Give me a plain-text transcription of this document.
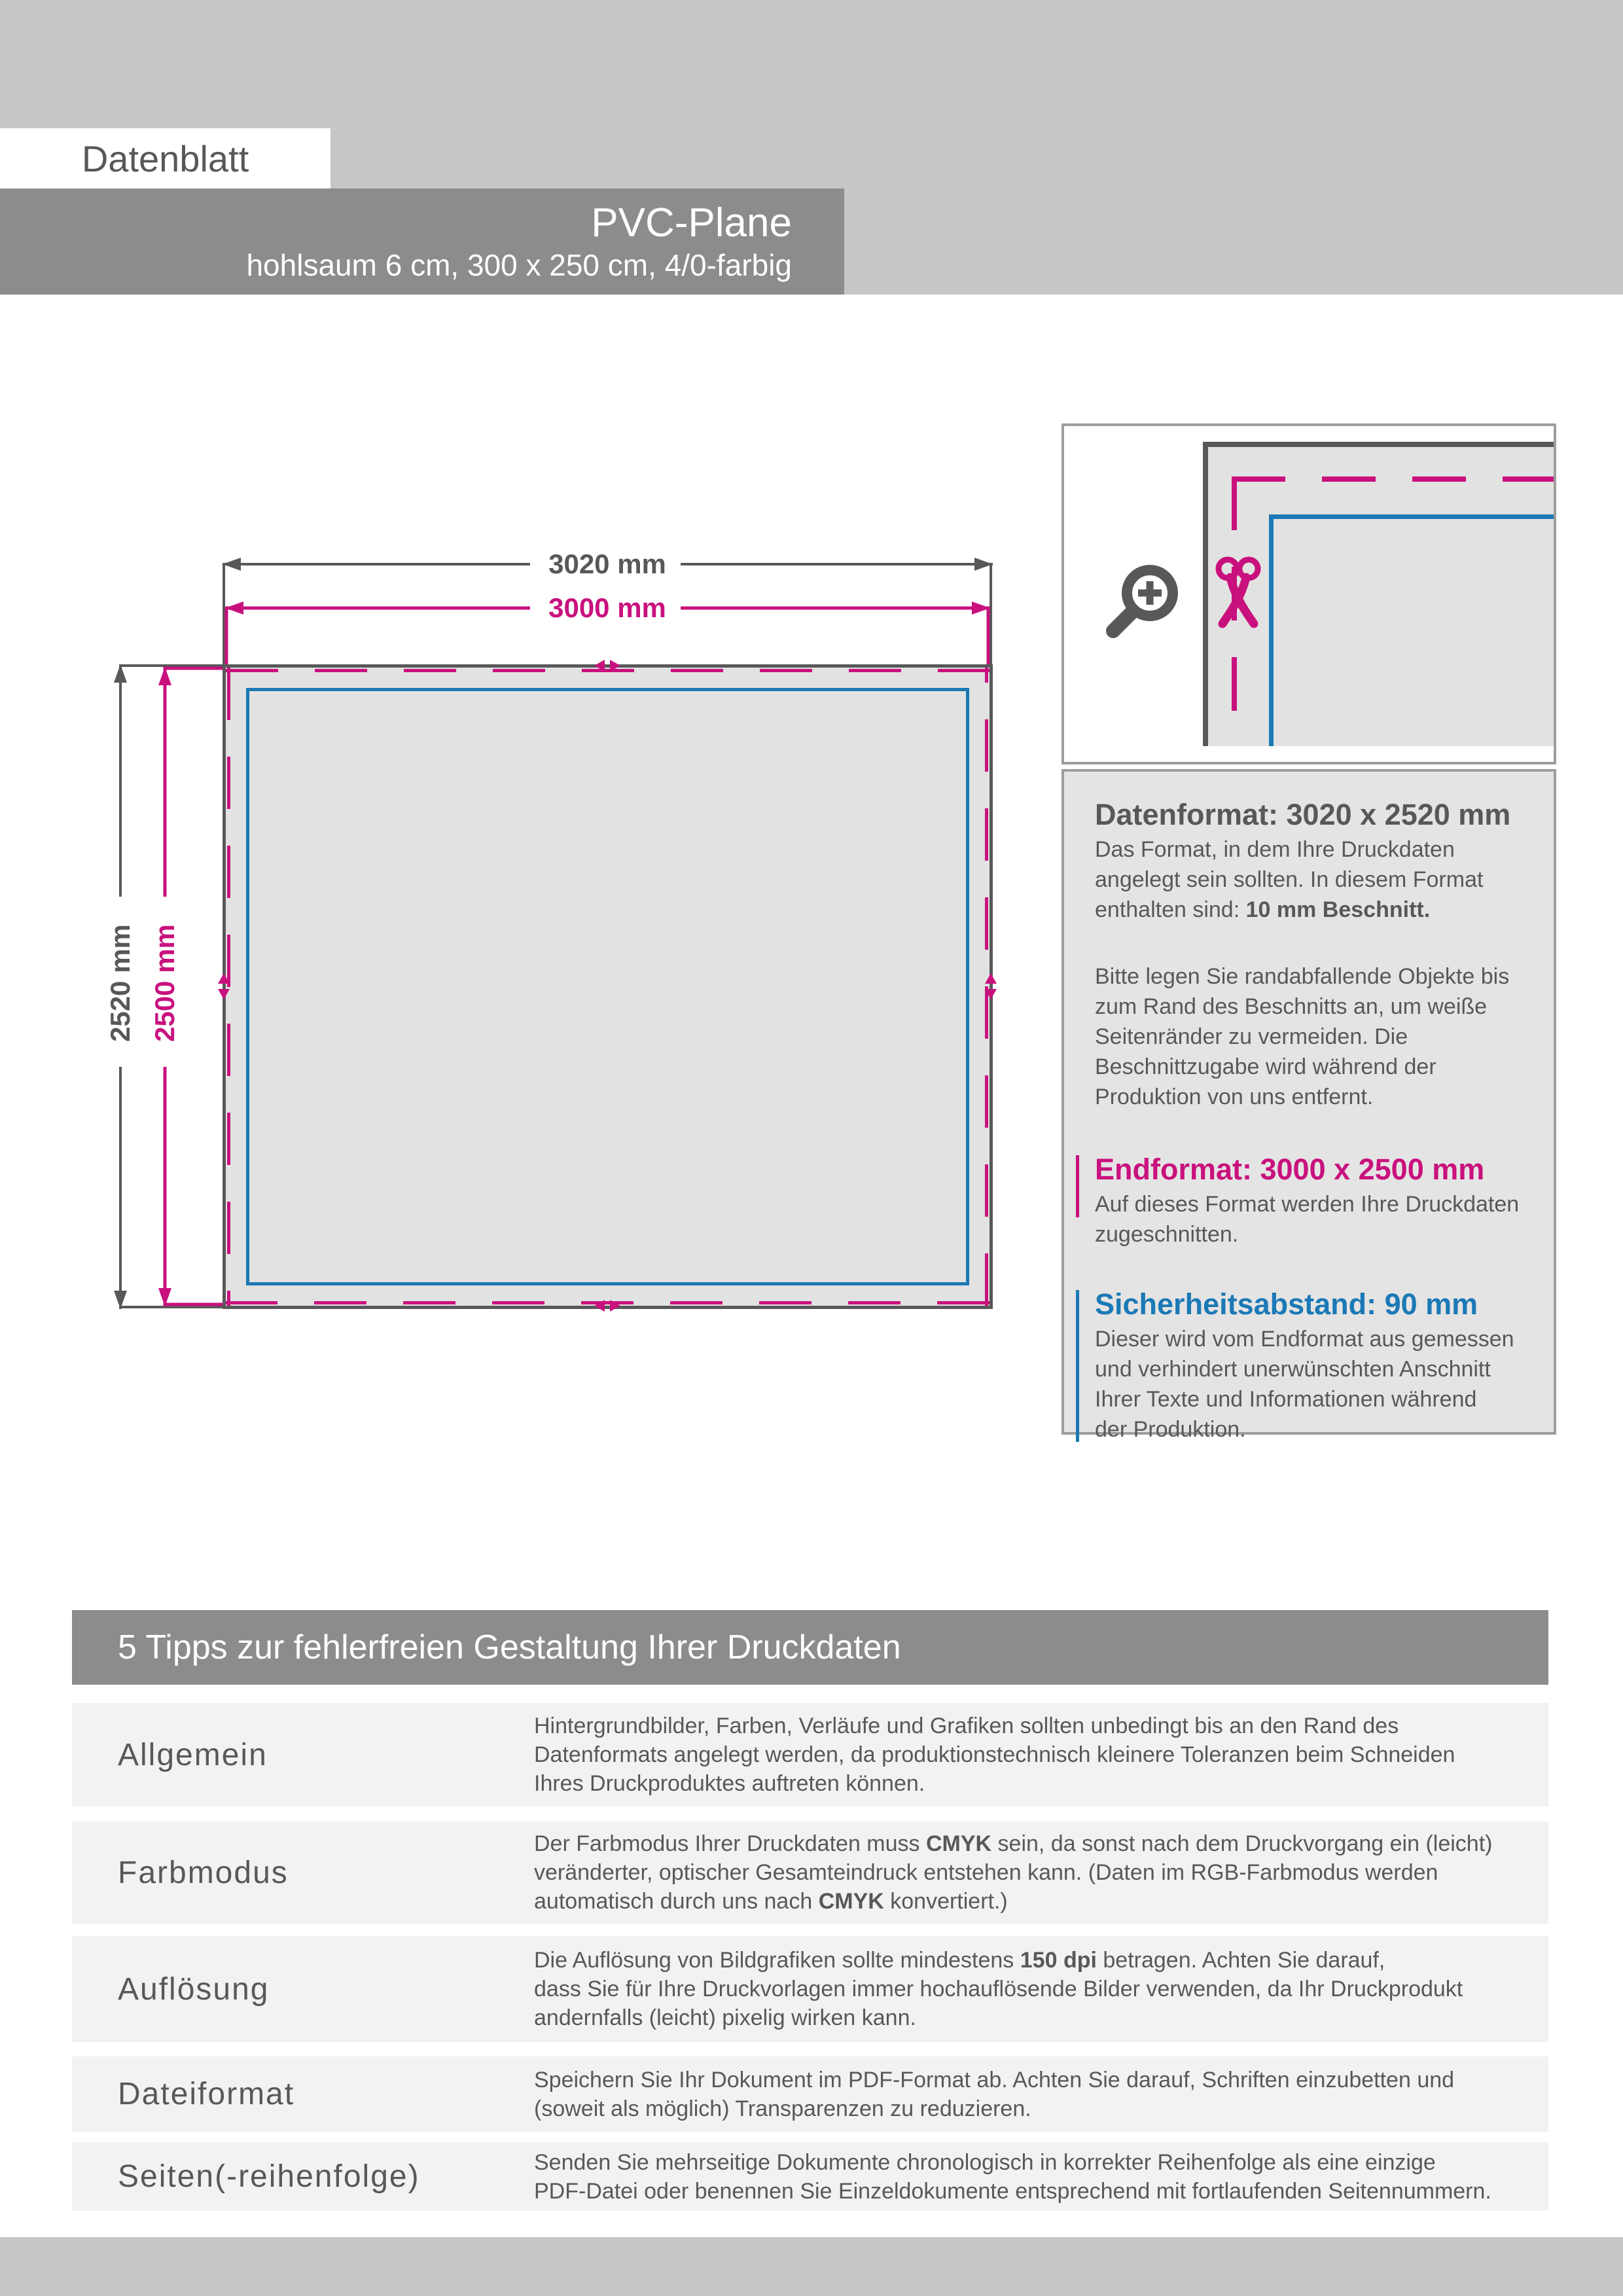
Datenblatt
PVC-Plane
hohlsaum 6 cm, 300 x 250 cm, 4/0-farbig
3020 mm
3000 mm
2520 mm 2500 mm
Datenformat: 3020 x 2520 mm

Das Format, in dem Ihre Druckdaten
angelegt sein sollten. In diesem Format
enthalten sind: 10 mm Beschnitt.

Bitte legen Sie randabfallende Objekte bis
zum Rand des Beschnitts an, um weiße
Seitenränder zu vermeiden. Die
Beschnittzugabe wird während der
Produktion von uns entfernt.

Endformat: 3000 x 2500 mm

Auf dieses Format werden Ihre Druckdaten
zugeschnitten.

Sicherheitsabstand: 90 mm

Dieser wird vom Endformat aus gemessen
und verhindert unerwünschten Anschnitt
Ihrer Texte und Informationen während
der Produktion.

5 Tipps zur fehlerfreien Gestaltung Ihrer Druckdaten
Allgemein
Hintergrundbilder, Farben, Verläufe und Grafiken sollten unbedingt bis an den Rand des
Datenformats angelegt werden, da produktionstechnisch kleinere Toleranzen beim Schneiden
Ihres Druckproduktes auftreten können.
Farbmodus
Der Farbmodus Ihrer Druckdaten muss CMYK sein, da sonst nach dem Druckvorgang ein (leicht)
veränderter, optischer Gesamteindruck entstehen kann. (Daten im RGB-Farbmodus werden
automatisch durch uns nach CMYK konvertiert.)
Auflösung
Die Auflösung von Bildgrafiken sollte mindestens 150 dpi betragen. Achten Sie darauf,
dass Sie für Ihre Druckvorlagen immer hochauflösende Bilder verwenden, da Ihr Druckprodukt
andernfalls (leicht) pixelig wirken kann.
Dateiformat	Speichern Sie Ihr Dokument im PDF-Format ab. Achten Sie darauf, Schriften einzubetten und
(soweit als möglich) Transparenzen zu reduzieren.
Seiten(-reihenfolge)	Senden Sie mehrseitige Dokumente chronologisch in korrekter Reihenfolge als eine einzige
PDF-Datei oder benennen Sie Einzeldokumente entsprechend mit fortlaufenden Seitennummern.
